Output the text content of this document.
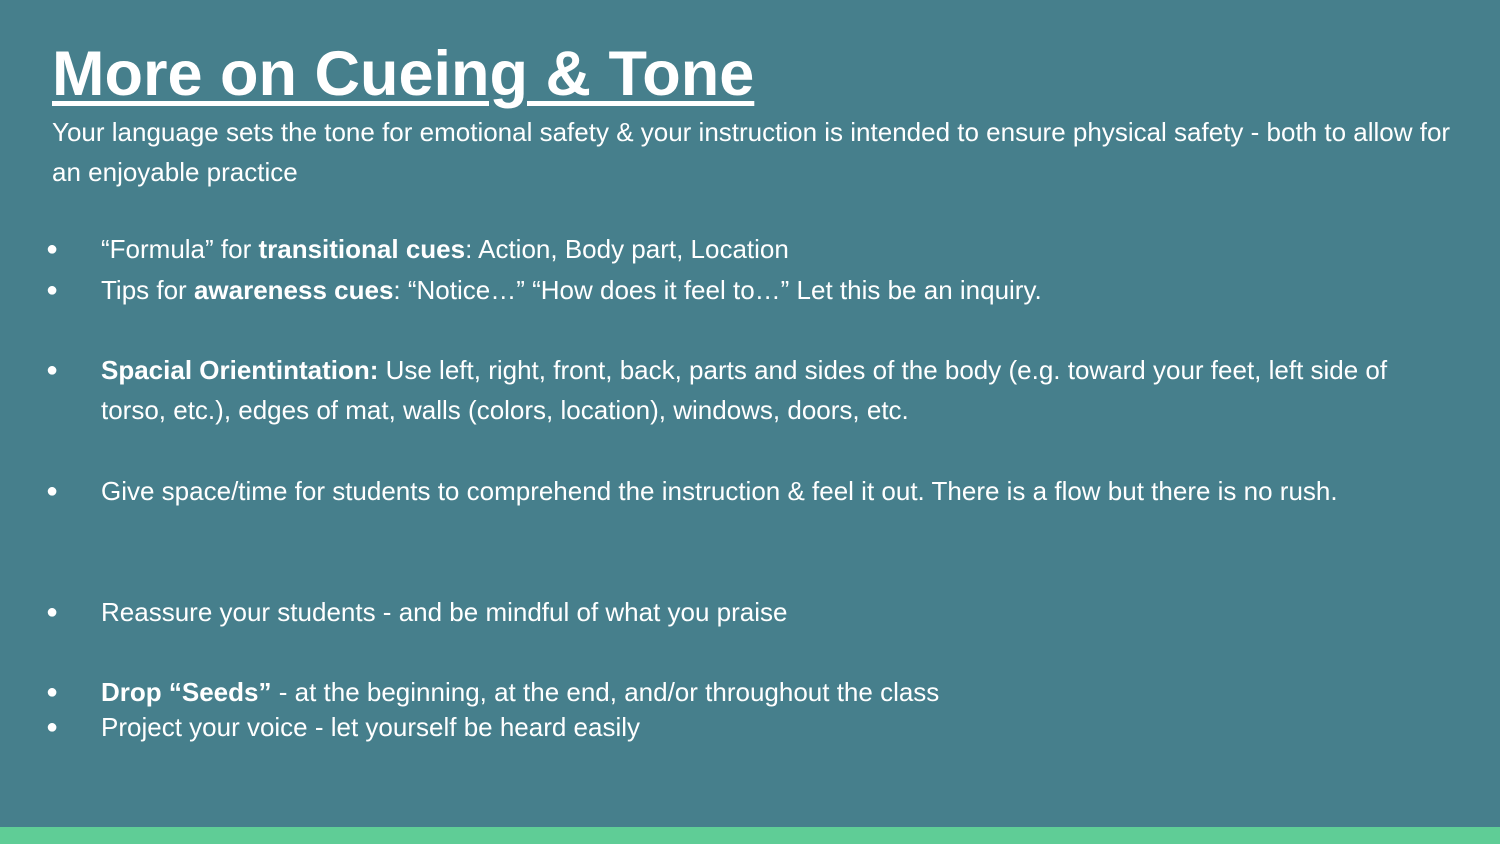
More on Cueing & Tone

Your language sets the tone for emotional safety & your instruction is intended to ensure physical safety - both to allow for an enjoyable practice

● “Formula” for transitional cues: Action, Body part, Location
● Tips for awareness cues: “Notice…” “How does it feel to…” Let this be an inquiry.
● Spacial Orientintation: Use left, right, front, back, parts and sides of the body (e.g. toward your feet, left side of torso, etc.), edges of mat, walls (colors, location), windows, doors, etc.
● Give space/time for students to comprehend the instruction & feel it out. There is a flow but there is no rush.
● Reassure your students - and be mindful of what you praise
● Drop “Seeds” - at the beginning, at the end, and/or throughout the class
● Project your voice - let yourself be heard easily
